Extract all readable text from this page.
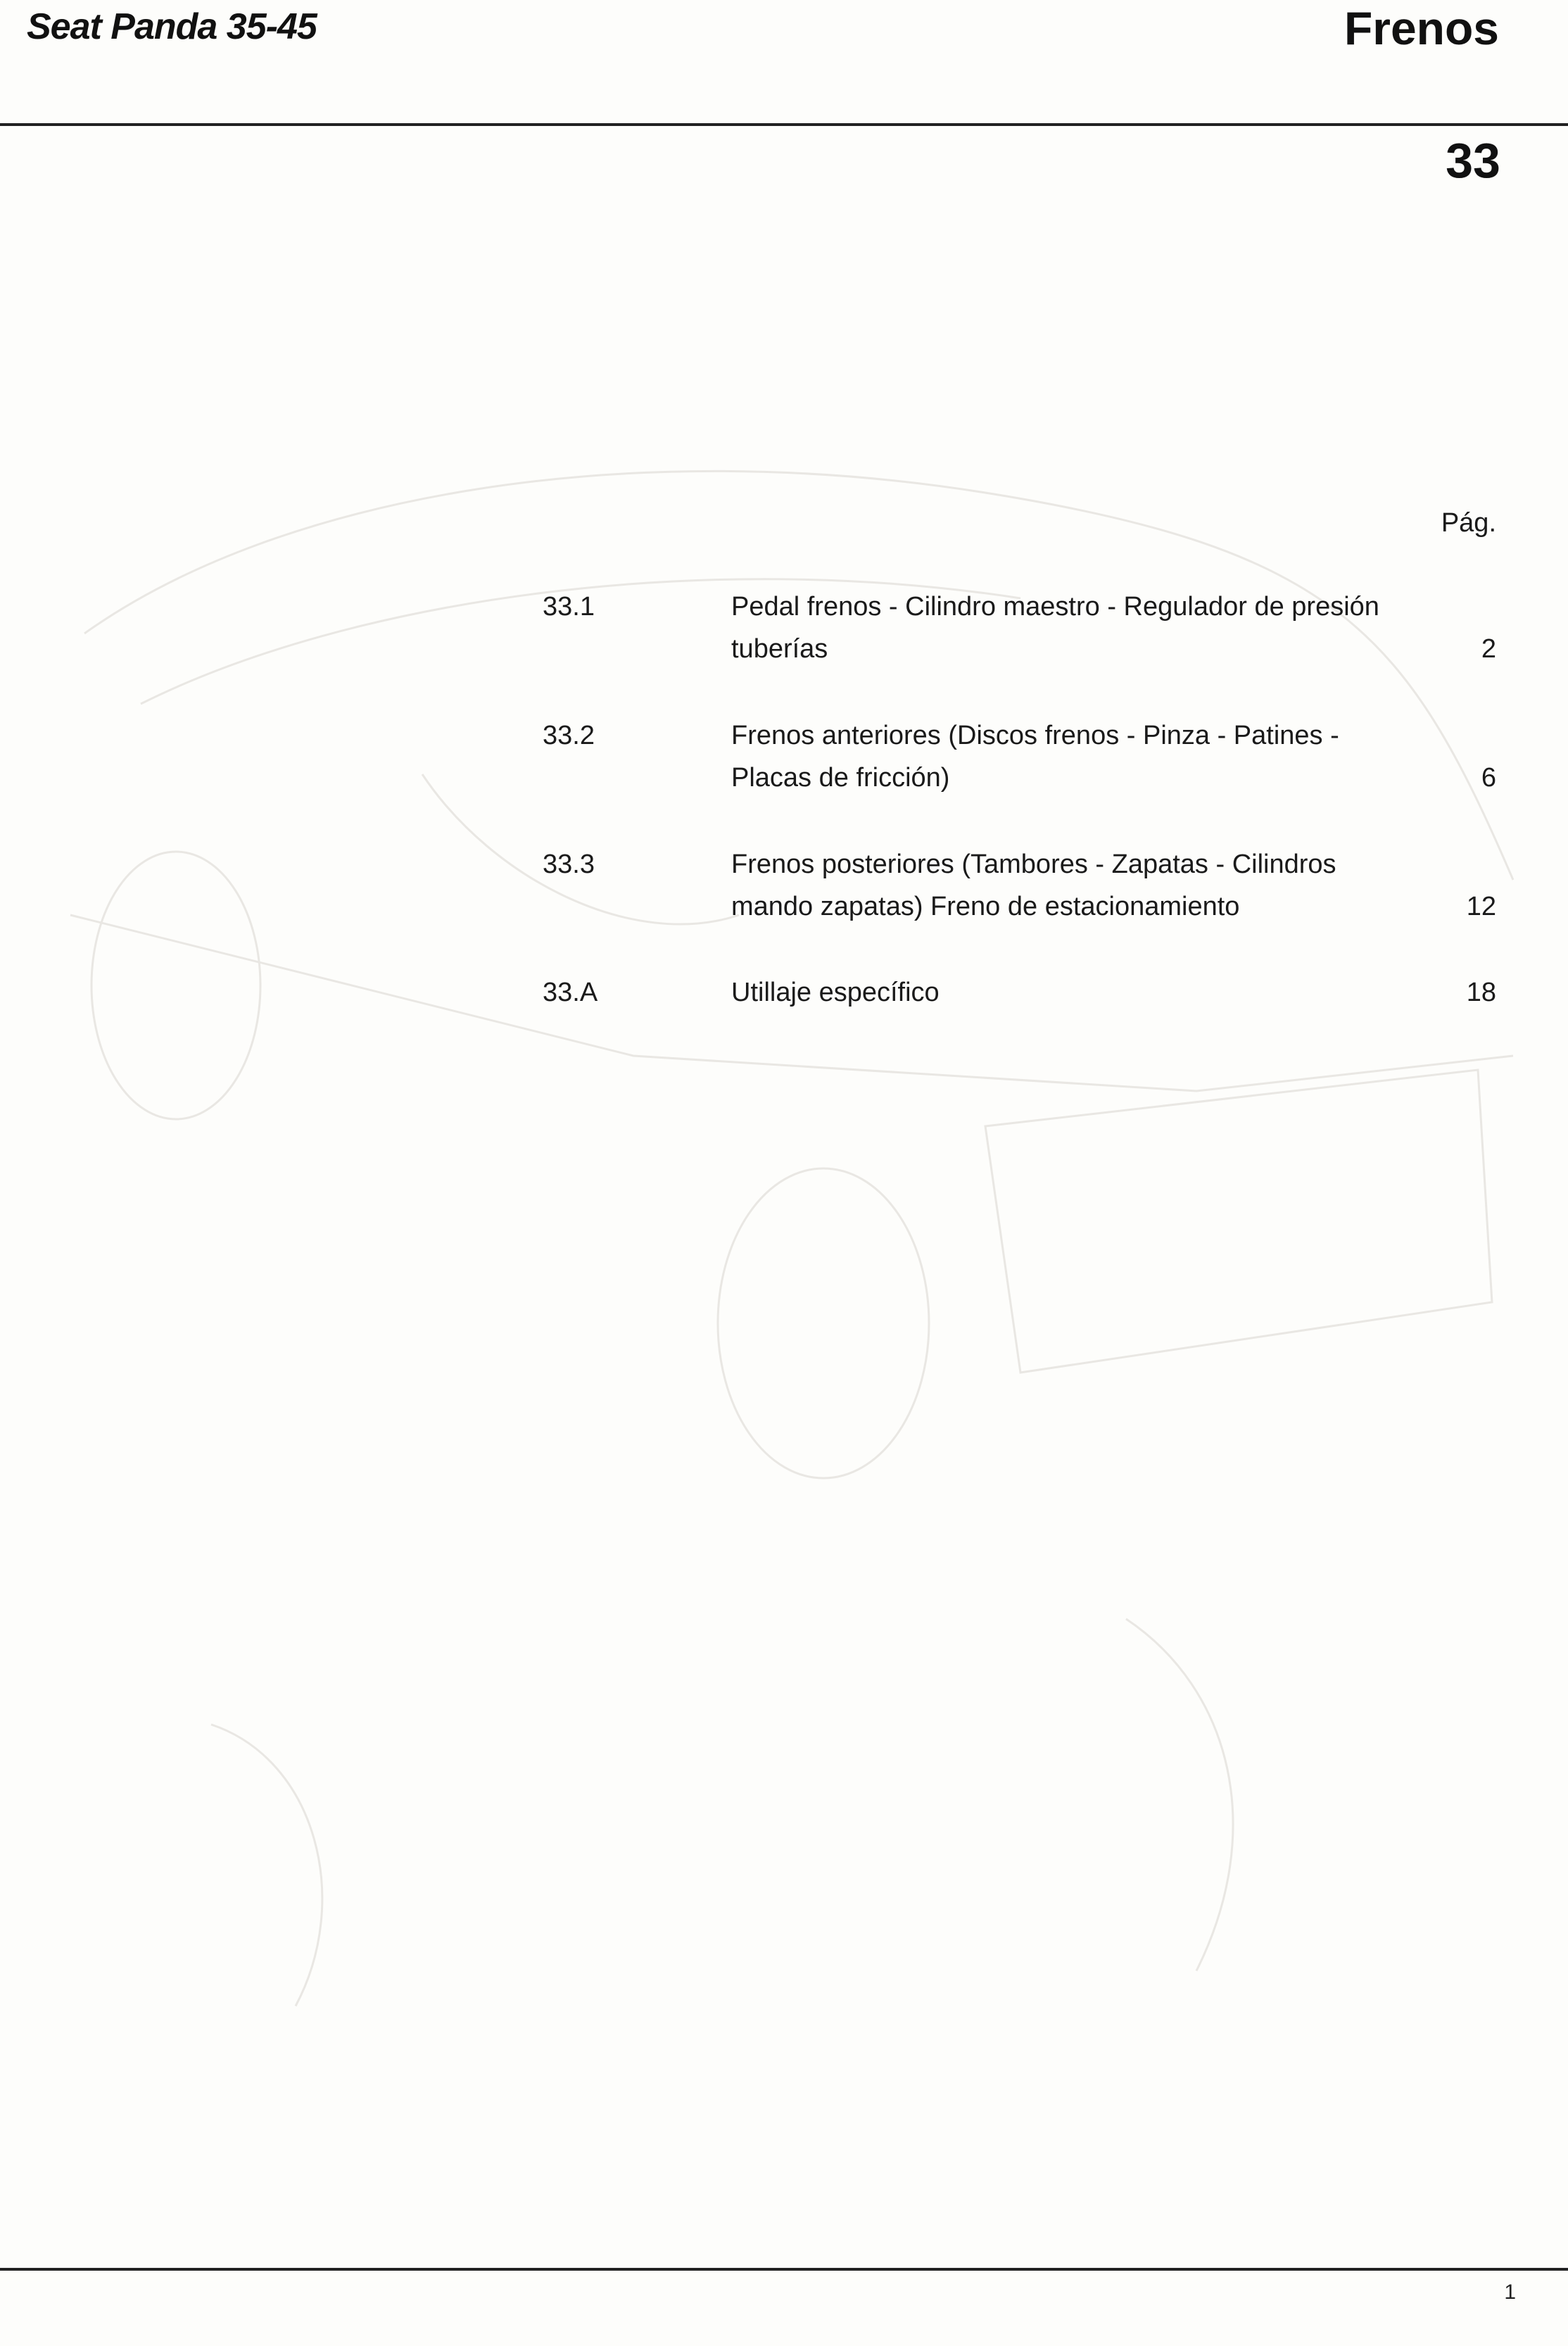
Seat Panda 35-45	Frenos
33
Pág.
33.1	Pedal frenos - Cilindro maestro - Regulador de presión tuberías	2
33.2	Frenos anteriores (Discos frenos - Pinza - Patines - Placas de fricción)	6
33.3	Frenos posteriores (Tambores - Zapatas - Cilindros mando zapatas) Freno de estacionamiento	12
33.A	Utillaje específico	18
1
